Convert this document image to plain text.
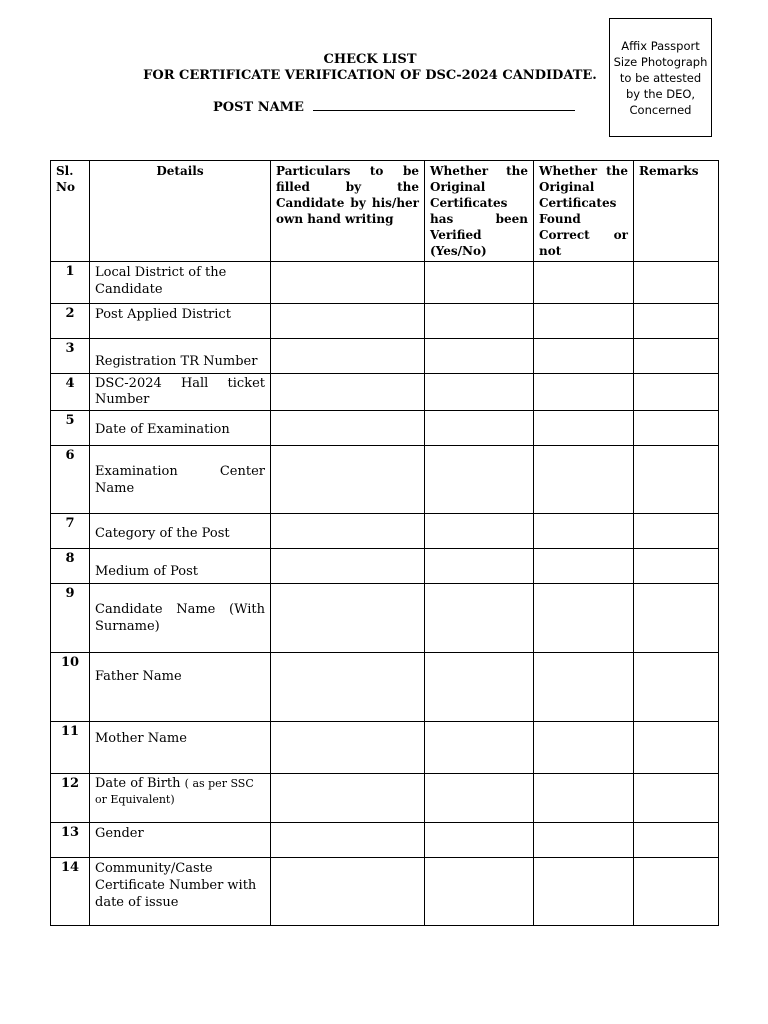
Affix Passport Size Photograph to be attested by the DEO, Concerned
CHECK LIST
FOR CERTIFICATE VERIFICATION OF DSC-2024 CANDIDATE.
POST NAME
Sl. No	Details	Particulars to be filled by the Candidate by his/her own hand writing	Whether the Original Certificates has been Verified (Yes/No)	Whether the Original Certificates Found Correct or not	Remarks
1	Local District of the Candidate				
2	Post Applied District				
3	Registration TR Number				
4	DSC-2024 Hall ticket Number				
5	Date of Examination				
6	Examination Center Name				
7	Category of the Post				
8	Medium of Post				
9	Candidate Name (With Surname)				
10	Father Name				
11	Mother Name				
12	Date of Birth ( as per SSC or Equivalent)				
13	Gender				
14	Community/Caste Certificate Number with date of issue				
